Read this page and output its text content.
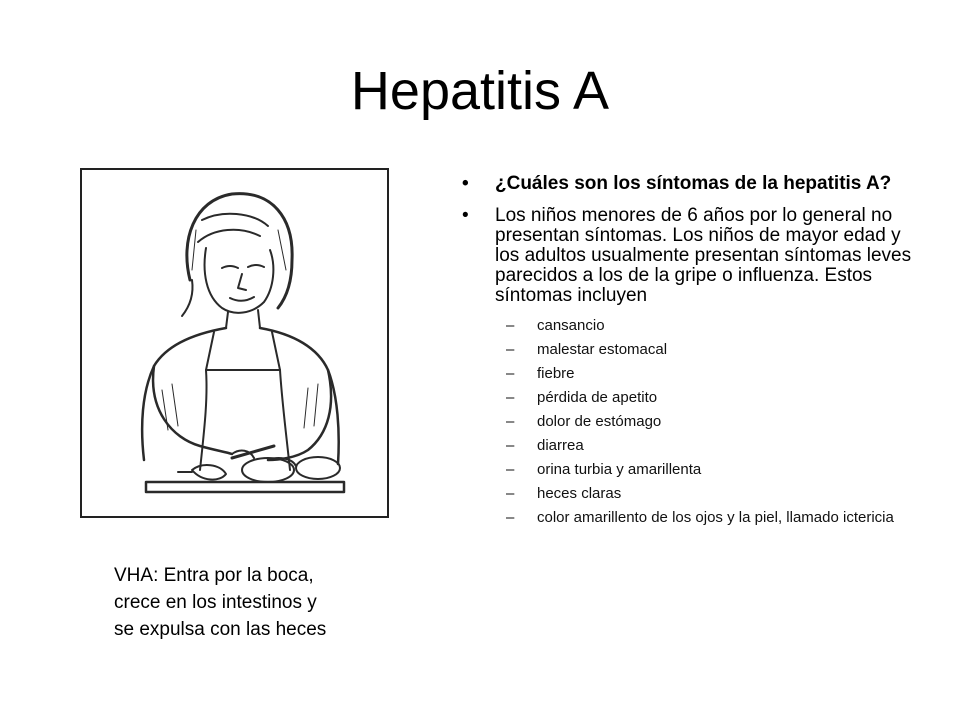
Hepatitis A
VHA: Entra por la boca,
crece en los intestinos y
se expulsa con las heces
• ¿Cuáles son los síntomas de la hepatitis A?
• Los niños menores de 6 años por lo general no presentan síntomas. Los niños de mayor edad y los adultos usualmente presentan síntomas leves parecidos a los de la gripe o influenza. Estos síntomas incluyen
– cansancio
– malestar estomacal
– fiebre
– pérdida de apetito
– dolor de estómago
– diarrea
– orina turbia y amarillenta
– heces claras
– color amarillento de los ojos y la piel, llamado ictericia
